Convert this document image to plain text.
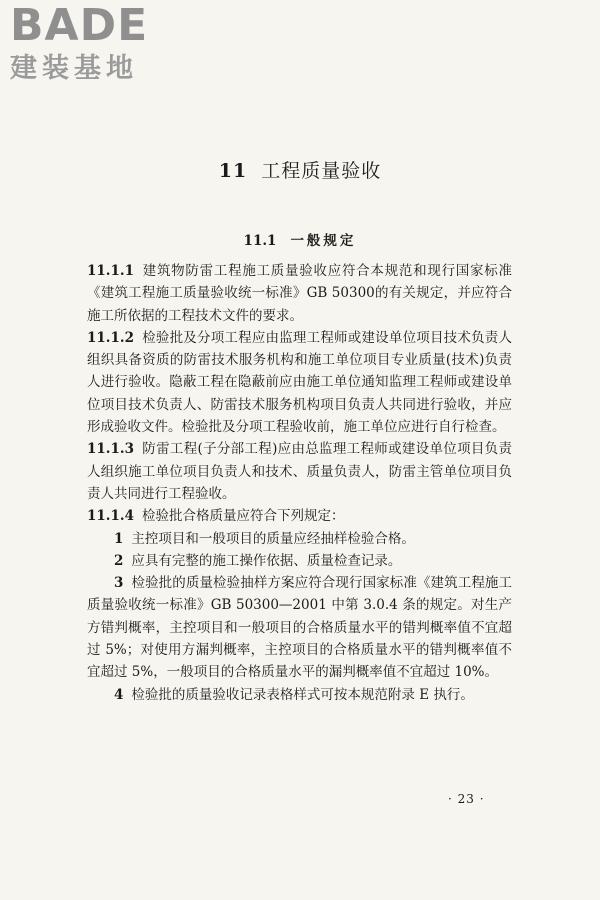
BADE
建装基地
11 工程质量验收
11.1 一般规定

11.1.1 建筑物防雷工程施工质量验收应符合本规范和现行国家标准《建筑工程施工质量验收统一标准》GB 50300的有关规定，并应符合施工所依据的工程技术文件的要求。

11.1.2 检验批及分项工程应由监理工程师或建设单位项目技术负责人组织具备资质的防雷技术服务机构和施工单位项目专业质量(技术)负责人进行验收。隐蔽工程在隐蔽前应由施工单位通知监理工程师或建设单位项目技术负责人、防雷技术服务机构项目负责人共同进行验收，并应形成验收文件。检验批及分项工程验收前，施工单位应进行自行检查。

11.1.3 防雷工程(子分部工程)应由总监理工程师或建设单位项目负责人组织施工单位项目负责人和技术、质量负责人，防雷主管单位项目负责人共同进行工程验收。

11.1.4 检验批合格质量应符合下列规定：

1 主控项目和一般项目的质量应经抽样检验合格。

2 应具有完整的施工操作依据、质量检查记录。

3 检验批的质量检验抽样方案应符合现行国家标准《建筑工程施工质量验收统一标准》GB 50300—2001 中第 3.0.4 条的规定。对生产方错判概率，主控项目和一般项目的合格质量水平的错判概率值不宜超过 5%；对使用方漏判概率，主控项目的合格质量水平的错判概率值不宜超过 5%，一般项目的合格质量水平的漏判概率值不宜超过 10%。

4 检验批的质量验收记录表格样式可按本规范附录 E 执行。

· 23 ·
